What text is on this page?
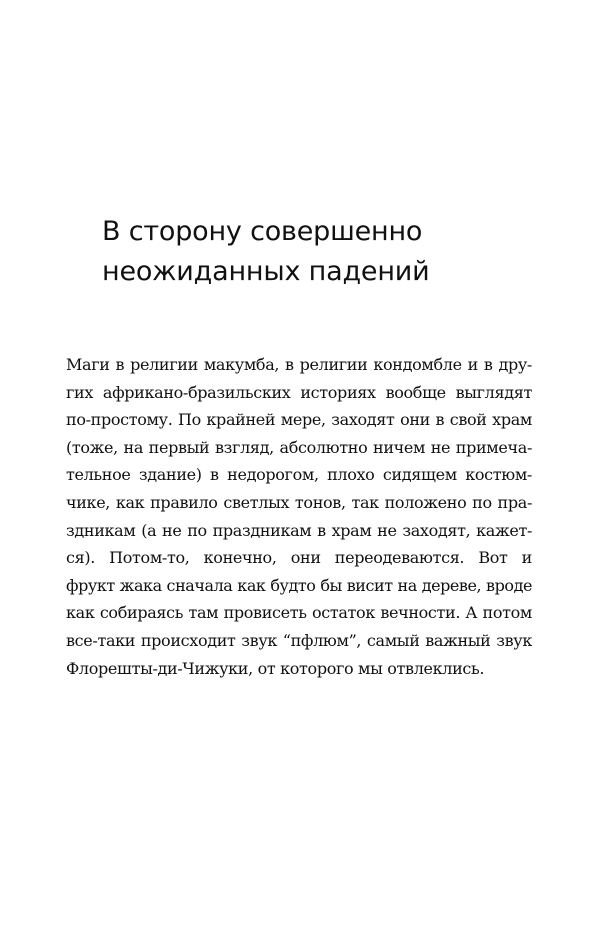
В сторону совершенно
неожиданных падений
Маги в религии макумба, в религии кондомбле и в дру-
гих африкано-бразильских историях вообще выглядят
по-простому. По крайней мере, заходят они в свой храм
(тоже, на первый взгляд, абсолютно ничем не примеча-
тельное здание) в недорогом, плохо сидящем костюм-
чике, как правило светлых тонов, так положено по пра-
здникам (а не по праздникам в храм не заходят, кажет-
ся). Потом-то, конечно, они переодеваются. Вот и
фрукт жака сначала как будто бы висит на дереве, вроде
как собираясь там провисеть остаток вечности. А потом
все-таки происходит звук “пфлюм”, самый важный звук
Флорешты-ди-Чижуки, от которого мы отвлеклись.
